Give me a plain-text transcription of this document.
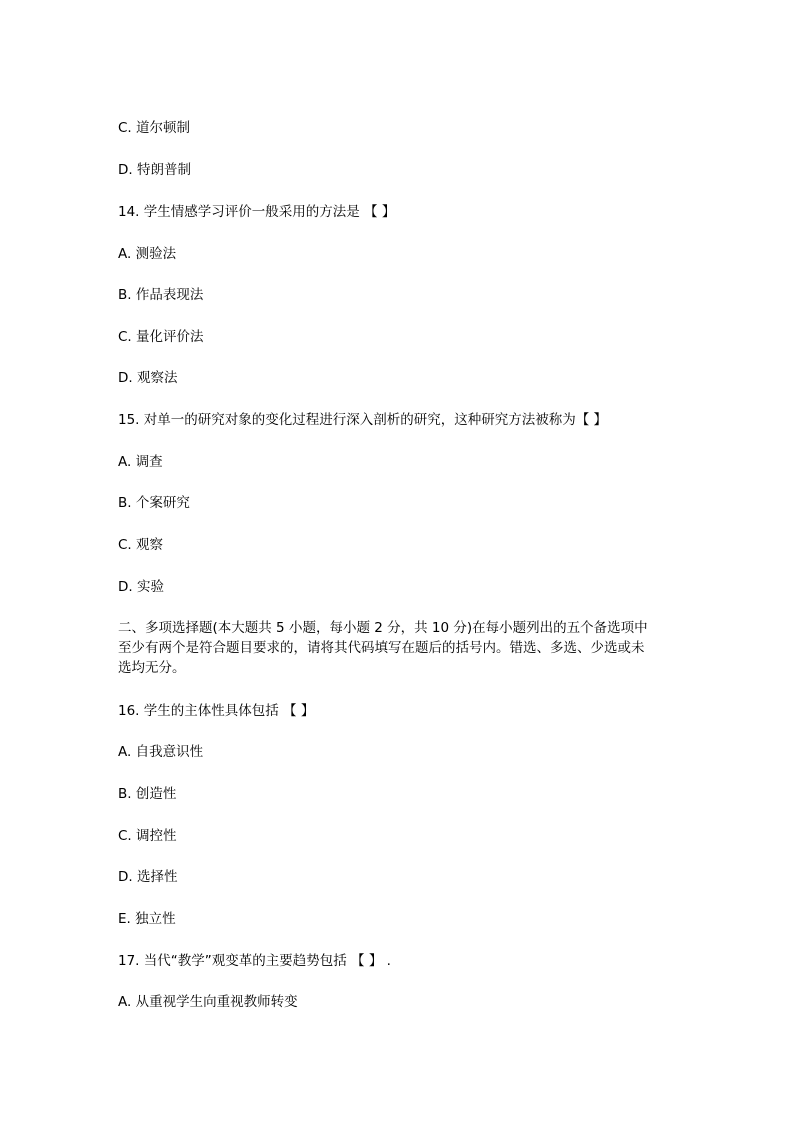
C. 道尔顿制
D. 特朗普制
14. 学生情感学习评价一般采用的方法是 【 】
A. 测验法
B. 作品表现法
C. 量化评价法
D. 观察法
15. 对单一的研究对象的变化过程进行深入剖析的研究，这种研究方法被称为【 】
A. 调查
B. 个案研究
C. 观察
D. 实验
二、多项选择题(本大题共 5 小题，每小题 2 分，共 10 分)在每小题列出的五个备选项中至少有两个是符合题目要求的，请将其代码填写在题后的括号内。错选、多选、少选或未选均无分。
16. 学生的主体性具体包括 【 】
A. 自我意识性
B. 创造性
C. 调控性
D. 选择性
E. 独立性
17. 当代“教学”观变革的主要趋势包括 【 】 .
A. 从重视学生向重视教师转变
